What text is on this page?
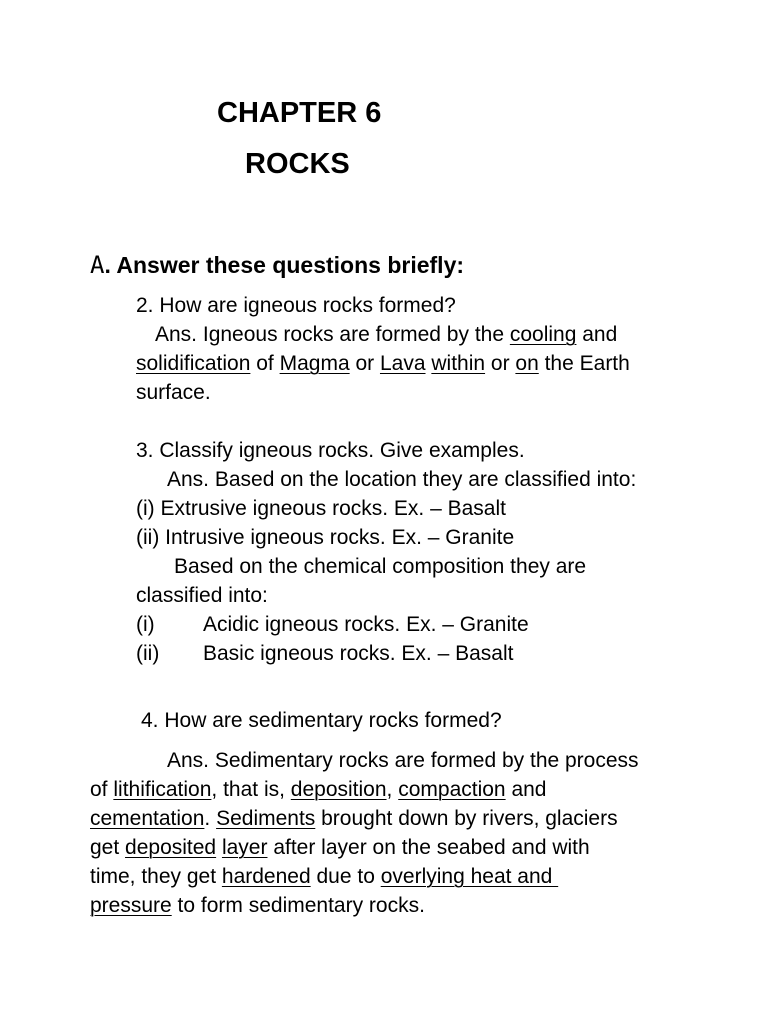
CHAPTER 6
ROCKS
A. Answer these questions briefly:
2. How are igneous rocks formed?
Ans. Igneous rocks are formed by the cooling and
solidification of Magma or Lava within or on the Earth
surface.
3. Classify igneous rocks. Give examples.
Ans. Based on the location they are classified into:
(i) Extrusive igneous rocks. Ex. – Basalt
(ii) Intrusive igneous rocks. Ex. – Granite
Based on the chemical composition they are
classified into:
(i) Acidic igneous rocks. Ex. – Granite
(ii) Basic igneous rocks. Ex. – Basalt
4. How are sedimentary rocks formed?
Ans. Sedimentary rocks are formed by the process
of lithification, that is, deposition, compaction and
cementation. Sediments brought down by rivers, glaciers
get deposited layer after layer on the seabed and with
time, they get hardened due to overlying heat and
pressure to form sedimentary rocks.
